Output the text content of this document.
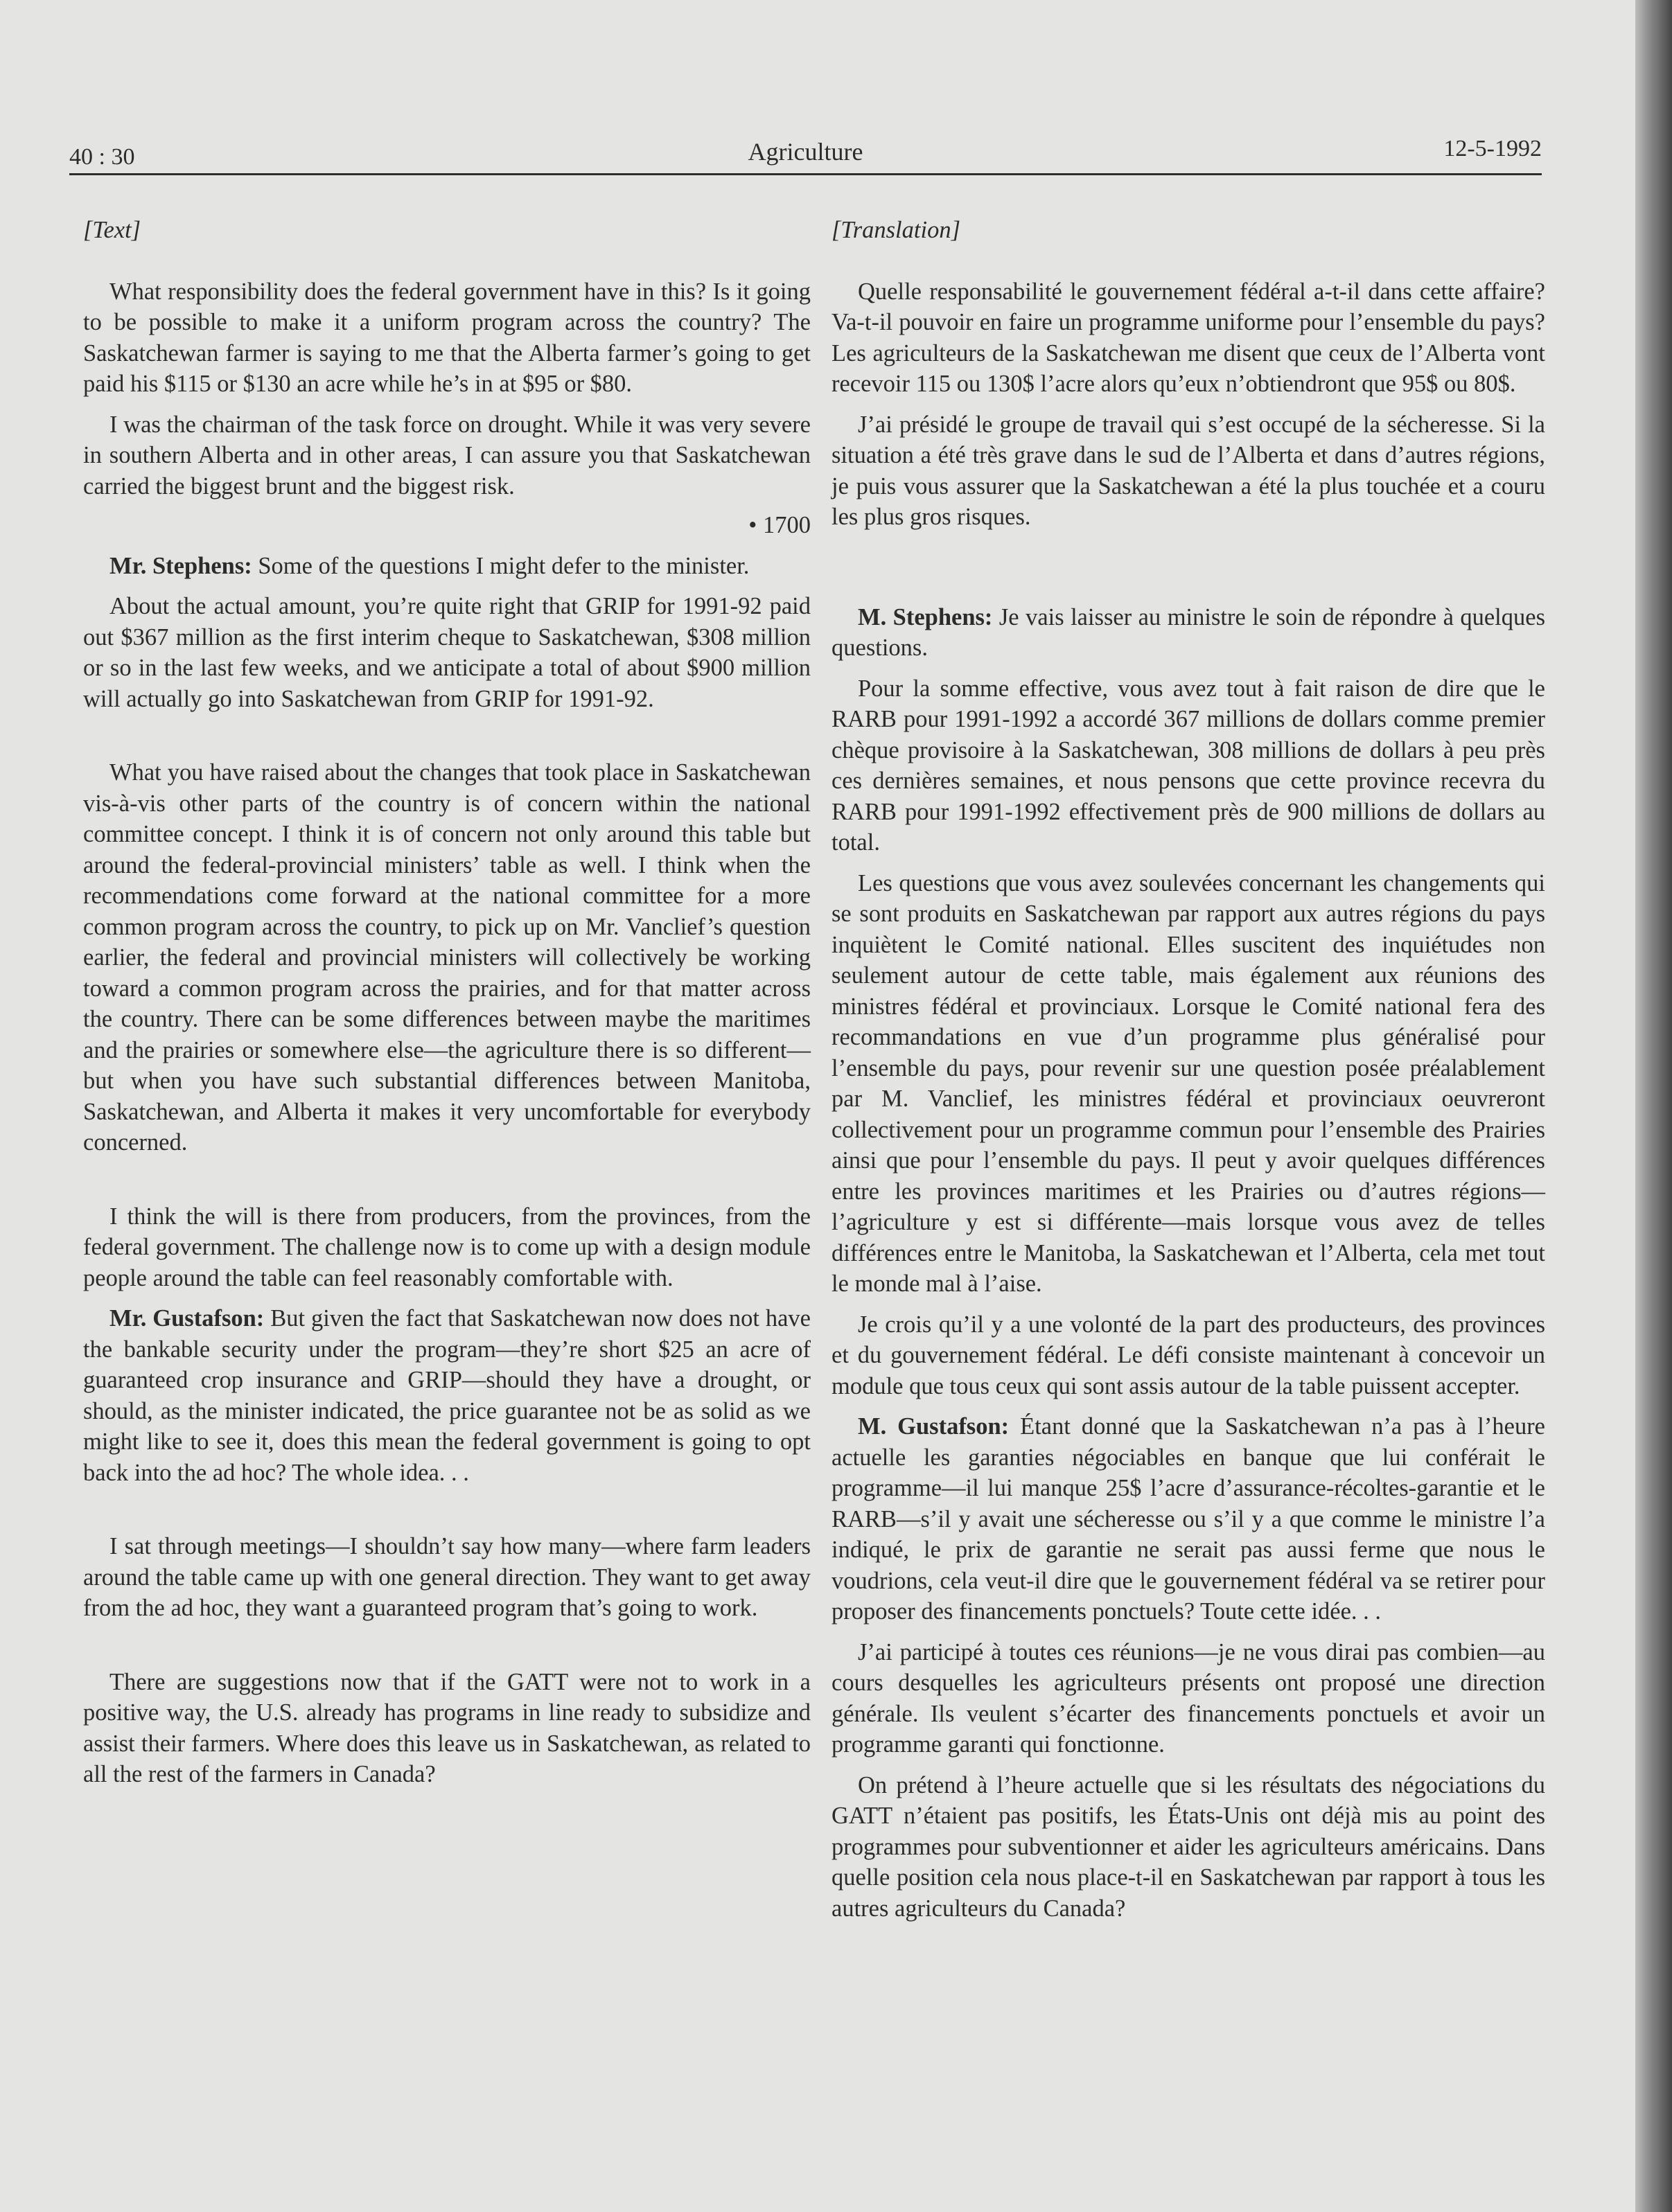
40 : 30	Agriculture	12-5-1992

[Text]

What responsibility does the federal government have in this? Is it going to be possible to make it a uniform program across the country? The Saskatchewan farmer is saying to me that the Alberta farmer’s going to get paid his $115 or $130 an acre while he’s in at $95 or $80.

I was the chairman of the task force on drought. While it was very severe in southern Alberta and in other areas, I can assure you that Saskatchewan carried the biggest brunt and the biggest risk.

• 1700

Mr. Stephens: Some of the questions I might defer to the minister.

About the actual amount, you’re quite right that GRIP for 1991-92 paid out $367 million as the first interim cheque to Saskatchewan, $308 million or so in the last few weeks, and we anticipate a total of about $900 million will actually go into Saskatchewan from GRIP for 1991-92.

What you have raised about the changes that took place in Saskatchewan vis-à-vis other parts of the country is of concern within the national committee concept. I think it is of concern not only around this table but around the federal-provincial ministers’ table as well. I think when the recommendations come forward at the national committee for a more common program across the country, to pick up on Mr. Vanclief’s question earlier, the federal and provincial ministers will collectively be working toward a common program across the prairies, and for that matter across the country. There can be some differences between maybe the maritimes and the prairies or somewhere else—the agriculture there is so different—but when you have such substantial differences between Manitoba, Saskatchewan, and Alberta it makes it very uncomfortable for everybody concerned.

I think the will is there from producers, from the provinces, from the federal government. The challenge now is to come up with a design module people around the table can feel reasonably comfortable with.

Mr. Gustafson: But given the fact that Saskatchewan now does not have the bankable security under the program—they’re short $25 an acre of guaranteed crop insurance and GRIP—should they have a drought, or should, as the minister indicated, the price guarantee not be as solid as we might like to see it, does this mean the federal government is going to opt back into the ad hoc? The whole idea. . .

I sat through meetings—I shouldn’t say how many—where farm leaders around the table came up with one general direction. They want to get away from the ad hoc, they want a guaranteed program that’s going to work.

There are suggestions now that if the GATT were not to work in a positive way, the U.S. already has programs in line ready to subsidize and assist their farmers. Where does this leave us in Saskatchewan, as related to all the rest of the farmers in Canada?

[Translation]

Quelle responsabilité le gouvernement fédéral a-t-il dans cette affaire? Va-t-il pouvoir en faire un programme uniforme pour l’ensemble du pays? Les agriculteurs de la Saskatchewan me disent que ceux de l’Alberta vont recevoir 115 ou 130$ l’acre alors qu’eux n’obtiendront que 95$ ou 80$.

J’ai présidé le groupe de travail qui s’est occupé de la sécheresse. Si la situation a été très grave dans le sud de l’Alberta et dans d’autres régions, je puis vous assurer que la Saskatchewan a été la plus touchée et a couru les plus gros risques.

M. Stephens: Je vais laisser au ministre le soin de répondre à quelques questions.

Pour la somme effective, vous avez tout à fait raison de dire que le RARB pour 1991-1992 a accordé 367 millions de dollars comme premier chèque provisoire à la Saskatchewan, 308 millions de dollars à peu près ces dernières semaines, et nous pensons que cette province recevra du RARB pour 1991-1992 effectivement près de 900 millions de dollars au total.

Les questions que vous avez soulevées concernant les changements qui se sont produits en Saskatchewan par rapport aux autres régions du pays inquiètent le Comité national. Elles suscitent des inquiétudes non seulement autour de cette table, mais également aux réunions des ministres fédéral et provinciaux. Lorsque le Comité national fera des recommandations en vue d’un programme plus généralisé pour l’ensemble du pays, pour revenir sur une question posée préalablement par M. Vanclief, les ministres fédéral et provinciaux oeuvreront collectivement pour un programme commun pour l’ensemble des Prairies ainsi que pour l’ensemble du pays. Il peut y avoir quelques différences entre les provinces maritimes et les Prairies ou d’autres régions—l’agriculture y est si différente—mais lorsque vous avez de telles différences entre le Manitoba, la Saskatchewan et l’Alberta, cela met tout le monde mal à l’aise.

Je crois qu’il y a une volonté de la part des producteurs, des provinces et du gouvernement fédéral. Le défi consiste maintenant à concevoir un module que tous ceux qui sont assis autour de la table puissent accepter.

M. Gustafson: Étant donné que la Saskatchewan n’a pas à l’heure actuelle les garanties négociables en banque que lui conférait le programme—il lui manque 25$ l’acre d’assurance-récoltes-garantie et le RARB—s’il y avait une sécheresse ou s’il y a que comme le ministre l’a indiqué, le prix de garantie ne serait pas aussi ferme que nous le voudrions, cela veut-il dire que le gouvernement fédéral va se retirer pour proposer des financements ponctuels? Toute cette idée. . .

J’ai participé à toutes ces réunions—je ne vous dirai pas combien—au cours desquelles les agriculteurs présents ont proposé une direction générale. Ils veulent s’écarter des financements ponctuels et avoir un programme garanti qui fonctionne.

On prétend à l’heure actuelle que si les résultats des négociations du GATT n’étaient pas positifs, les États-Unis ont déjà mis au point des programmes pour subventionner et aider les agriculteurs américains. Dans quelle position cela nous place-t-il en Saskatchewan par rapport à tous les autres agriculteurs du Canada?
